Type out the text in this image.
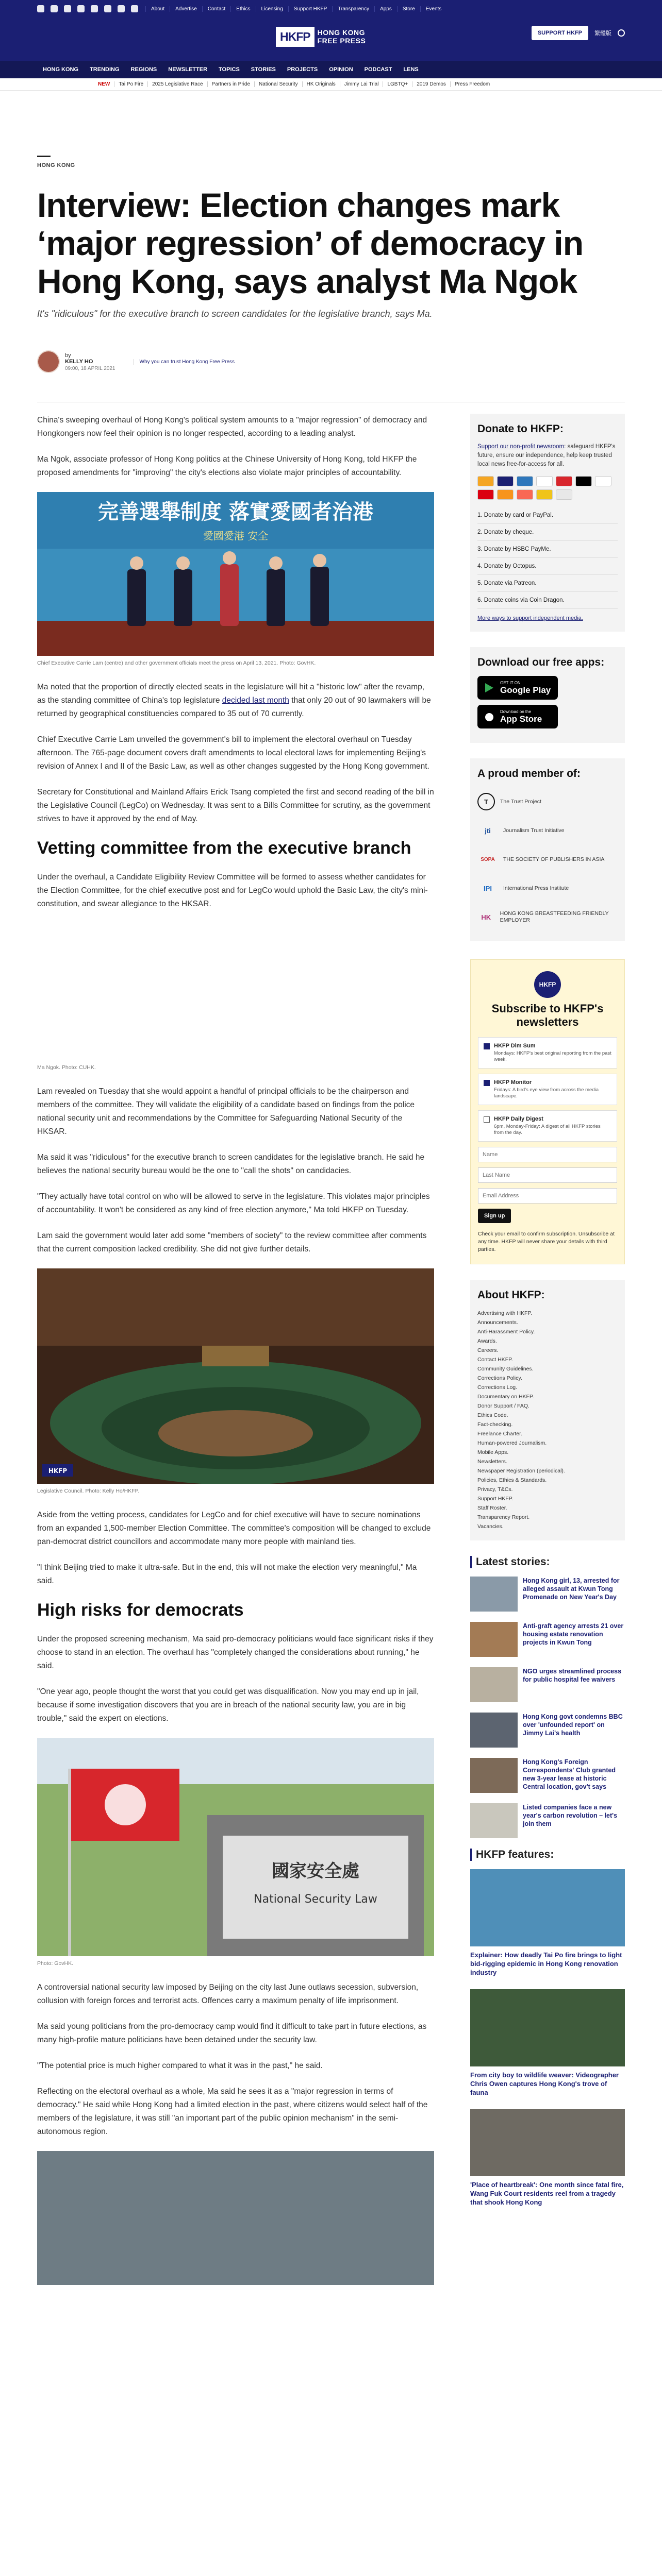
About	Advertise	Contact	Ethics	Licensing	Support HKFP	Transparency	Apps	Store	Events
HKFP	HONG KONG
FREE PRESS
SUPPORT HKFP	繁體版
HONG KONG	TRENDING	REGIONS	NEWSLETTER	TOPICS	STORIES	PROJECTS	OPINION	PODCAST	LENS
NEW	Tai Po Fire	2025 Legislative Race	Partners in Pride	National Security	HK Originals	Jimmy Lai Trial	LGBTQ+	2019 Demos	Press Freedom
HONG KONG
Interview: Election changes mark ‘major regression’ of democracy in Hong Kong, says analyst Ma Ngok
It's "ridiculous" for the executive branch to screen candidates for the legislative branch, says Ma.
by
KELLY HO
09:00, 18 APRIL 2021
Why you can trust Hong Kong Free Press

China's sweeping overhaul of Hong Kong's political system amounts to a "major regression" of democracy and Hongkongers now feel their opinion is no longer respected, according to a leading analyst.

Ma Ngok, associate professor of Hong Kong politics at the Chinese University of Hong Kong, told HKFP the proposed amendments for "improving" the city's elections also violate major principles of accountability.

完善選舉制度 落實愛國者治港
愛國愛港 安全
Chief Executive Carrie Lam (centre) and other government officials meet the press on April 13, 2021. Photo: GovHK.

Ma noted that the proportion of directly elected seats in the legislature will hit a "historic low" after the revamp, as the standing committee of China's top legislature decided last month that only 20 out of 90 lawmakers will be returned by geographical constituencies compared to 35 out of 70 currently.

Chief Executive Carrie Lam unveiled the government's bill to implement the electoral overhaul on Tuesday afternoon. The 765-page document covers draft amendments to local electoral laws for implementing Beijing's revision of Annex I and II of the Basic Law, as well as other changes suggested by the Hong Kong government.

Secretary for Constitutional and Mainland Affairs Erick Tsang completed the first and second reading of the bill in the Legislative Council (LegCo) on Wednesday. It was sent to a Bills Committee for scrutiny, as the government strives to have it approved by the end of May.

Vetting committee from the executive branch

Under the overhaul, a Candidate Eligibility Review Committee will be formed to assess whether candidates for the Election Committee, for the chief executive post and for LegCo would uphold the Basic Law, the city's mini-constitution, and swear allegiance to the HKSAR.

Ma Ngok. Photo: CUHK.

Lam revealed on Tuesday that she would appoint a handful of principal officials to be the chairperson and members of the committee. They will validate the eligibility of a candidate based on findings from the police national security unit and recommendations by the Committee for Safeguarding National Security of the HKSAR.

Ma said it was "ridiculous" for the executive branch to screen candidates for the legislative branch. He said he believes the national security bureau would be the one to "call the shots" on candidacies.

"They actually have total control on who will be allowed to serve in the legislature. This violates major principles of accountability. It won't be considered as any kind of free election anymore," Ma told HKFP on Tuesday.

Lam said the government would later add some "members of society" to the review committee after comments that the current composition lacked credibility. She did not give further details.

HKFP
Legislative Council. Photo: Kelly Ho/HKFP.

Aside from the vetting process, candidates for LegCo and for chief executive will have to secure nominations from an expanded 1,500-member Election Committee. The committee's composition will be changed to exclude pan-democrat district councillors and accommodate many more people with mainland ties.

"I think Beijing tried to make it ultra-safe. But in the end, this will not make the election very meaningful," Ma said.

High risks for democrats

Under the proposed screening mechanism, Ma said pro-democracy politicians would face significant risks if they choose to stand in an election. The overhaul has "completely changed the considerations about running," he said.

"One year ago, people thought the worst that you could get was disqualification. Now you may end up in jail, because if some investigation discovers that you are in breach of the national security law, you are in big trouble," said the expert on elections.

國家安全處
National Security Law
Photo: GovHK.

A controversial national security law imposed by Beijing on the city last June outlaws secession, subversion, collusion with foreign forces and terrorist acts. Offences carry a maximum penalty of life imprisonment.

Ma said young politicians from the pro-democracy camp would find it difficult to take part in future elections, as many high-profile mature politicians have been detained under the security law.

"The potential price is much higher compared to what it was in the past," he said.

Reflecting on the electoral overhaul as a whole, Ma said he sees it as a "major regression in terms of democracy." He said while Hong Kong had a limited election in the past, where citizens would select half of the members of the legislature, it was still "an important part of the public opinion mechanism" in the semi-autonomous region.

Donate to HKFP:
Support our non-profit newsroom: safeguard HKFP's future, ensure our independence, help keep trusted local news free-for-access for all.
1. Donate by card or PayPal.
2. Donate by cheque.
3. Donate by HSBC PayMe.
4. Donate by Octopus.
5. Donate via Patreon.
6. Donate coins via Coin Dragon.
More ways to support independent media.
Download our free apps:
GET IT ON
Google Play
Download on the
App Store
A proud member of:
T	The Trust Project
jti	Journalism Trust Initiative
SOPA	THE SOCIETY OF PUBLISHERS IN ASIA
IPI	International Press Institute
HK	HONG KONG BREASTFEEDING FRIENDLY EMPLOYER
HKFP
Subscribe to HKFP's newsletters
HKFP Dim Sum
Mondays: HKFP's best original reporting from the past week.
HKFP Monitor
Fridays: A bird's eye view from across the media landscape.
HKFP Daily Digest
6pm, Monday-Friday: A digest of all HKFP stories from the day.
Name Last Name Email Address Sign up
Check your email to confirm subscription. Unsubscribe at any time. HKFP will never share your details with third parties.
About HKFP:
Advertising with HKFP.
Announcements.
Anti-Harassment Policy.
Awards.
Careers.
Contact HKFP.
Community Guidelines.
Corrections Policy.
Corrections Log.
Documentary on HKFP.
Donor Support / FAQ.
Ethics Code.
Fact-checking.
Freelance Charter.
Human-powered Journalism.
Mobile Apps.
Newsletters.
Newspaper Registration (periodical).
Policies, Ethics & Standards.
Privacy, T&Cs.
Support HKFP.
Staff Roster.
Transparency Report.
Vacancies.
Latest stories:
Hong Kong girl, 13, arrested for alleged assault at Kwun Tong Promenade on New Year's Day
Anti-graft agency arrests 21 over housing estate renovation projects in Kwun Tong
NGO urges streamlined process for public hospital fee waivers
Hong Kong govt condemns BBC over 'unfounded report' on Jimmy Lai's health
Hong Kong's Foreign Correspondents' Club granted new 3-year lease at historic Central location, gov't says
Listed companies face a new year's carbon revolution – let's join them
HKFP features:
Explainer: How deadly Tai Po fire brings to light bid-rigging epidemic in Hong Kong renovation industry
From city boy to wildlife weaver: Videographer Chris Owen captures Hong Kong's trove of fauna
'Place of heartbreak': One month since fatal fire, Wang Fuk Court residents reel from a tragedy that shook Hong Kong
